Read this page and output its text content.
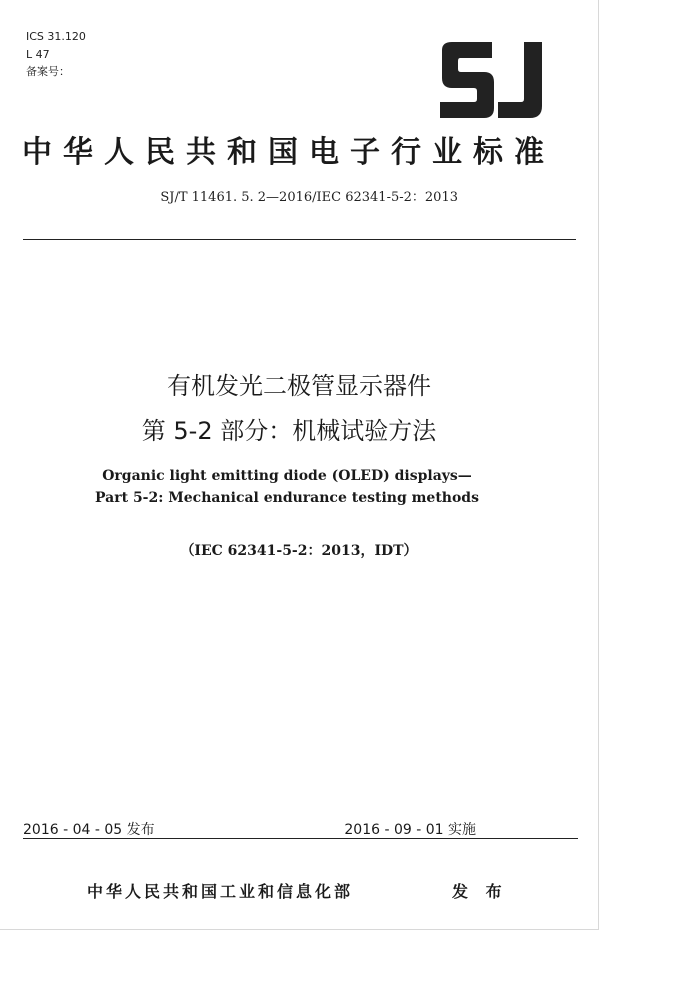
ICS 31.120
L 47
备案号：
中华人民共和国电子行业标准
SJ/T 11461. 5. 2—2016/IEC 62341-5-2：2013
有机发光二极管显示器件
第 5-2 部分：机械试验方法
Organic light emitting diode (OLED) displays—
Part 5-2: Mechanical endurance testing methods
（IEC 62341-5-2：2013，IDT）
2016 - 04 - 05 发布	2016 - 09 - 01 实施
中华人民共和国工业和信息化部	发 布
